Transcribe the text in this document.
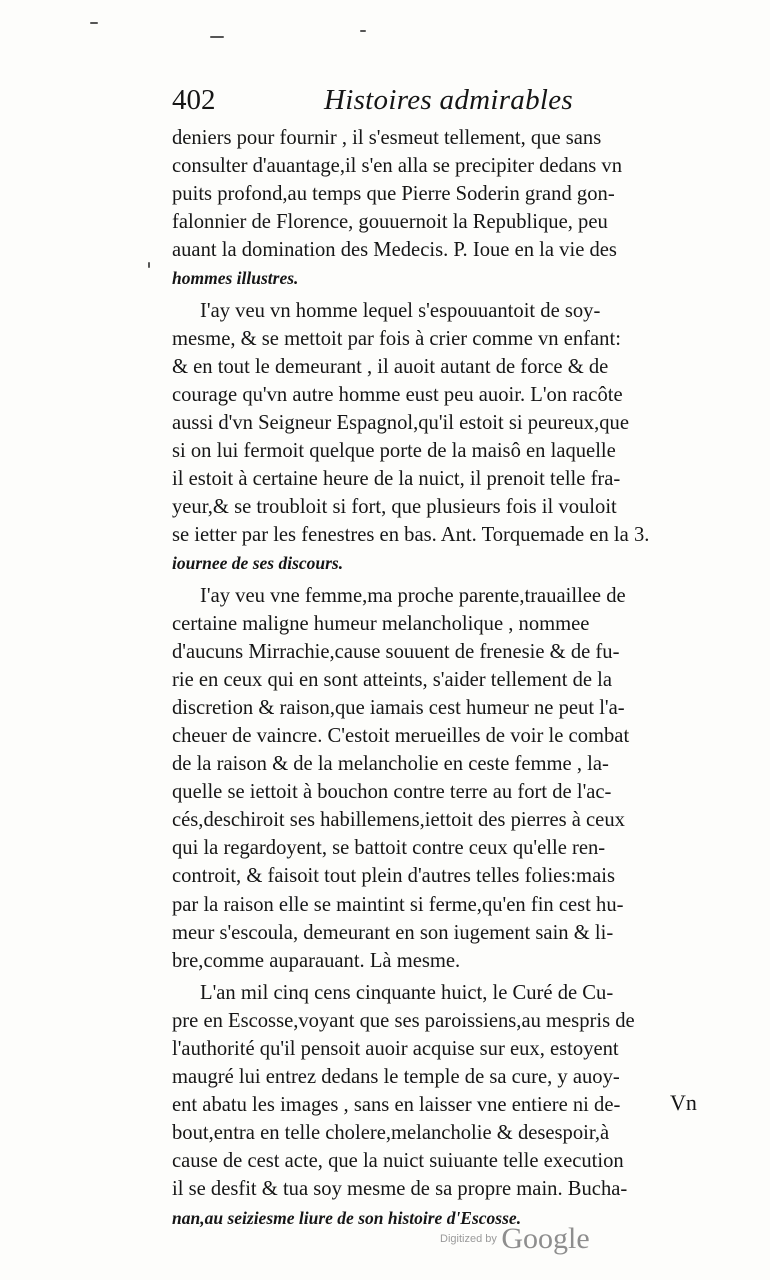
402	Histoires admirables
deniers pour fournir , il s'esmeut tellement, que sans
consulter d'auantage,il s'en alla se precipiter dedans vn
puits profond,au temps que Pierre Soderin grand gon-
falonnier de Florence, gouuernoit la Republique, peu
auant la domination des Medecis. P. Ioue en la vie des
hommes illustres.
I'ay veu vn homme lequel s'espouuantoit de soy-
mesme, & se mettoit par fois à crier comme vn enfant:
& en tout le demeurant , il auoit autant de force & de
courage qu'vn autre homme eust peu auoir. L'on racôte
aussi d'vn Seigneur Espagnol,qu'il estoit si peureux,que
si on lui fermoit quelque porte de la maisô en laquelle
il estoit à certaine heure de la nuict, il prenoit telle fra-
yeur,& se troubloit si fort, que plusieurs fois il vouloit
se ietter par les fenestres en bas. Ant. Torquemade en la 3.
iournee de ses discours.
I'ay veu vne femme,ma proche parente,trauaillee de
certaine maligne humeur melancholique , nommee
d'aucuns Mirrachie,cause souuent de frenesie & de fu-
rie en ceux qui en sont atteints, s'aider tellement de la
discretion & raison,que iamais cest humeur ne peut l'a-
cheuer de vaincre. C'estoit merueilles de voir le combat
de la raison & de la melancholie en ceste femme , la-
quelle se iettoit à bouchon contre terre au fort de l'ac-
cés,deschiroit ses habillemens,iettoit des pierres à ceux
qui la regardoyent, se battoit contre ceux qu'elle ren-
controit, & faisoit tout plein d'autres telles folies:mais
par la raison elle se maintint si ferme,qu'en fin cest hu-
meur s'escoula, demeurant en son iugement sain & li-
bre,comme auparauant. Là mesme.
L'an mil cinq cens cinquante huict, le Curé de Cu-
pre en Escosse,voyant que ses paroissiens,au mespris de
l'authorité qu'il pensoit auoir acquise sur eux, estoyent
maugré lui entrez dedans le temple de sa cure, y auoy-
ent abatu les images , sans en laisser vne entiere ni de-
bout,entra en telle cholere,melancholie & desespoir,à
cause de cest acte, que la nuict suiuante telle execution
il se desfit & tua soy mesme de sa propre main. Bucha-
nan,au seiziesme liure de son histoire d'Escosse.
Vn
Digitized by Google
